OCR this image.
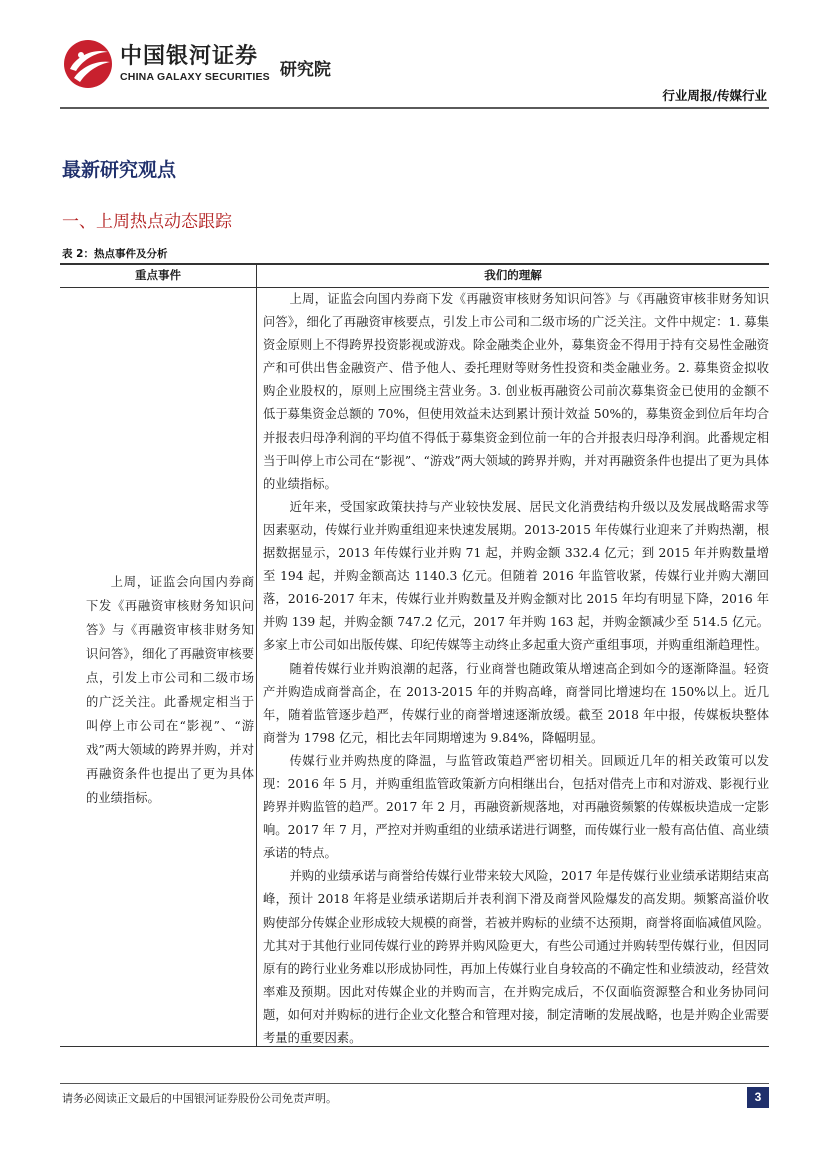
中国银河证券
CHINA GALAXY SECURITIES 研究院
行业周报/传媒行业
最新研究观点
一、上周热点动态跟踪
表 2：热点事件及分析
重点事件	我们的理解
上周，证监会向国内券商下发《再融资审核财务知识问答》与《再融资审核非财务知识问答》，细化了再融资审核要点，引发上市公司和二级市场的广泛关注。此番规定相当于叫停上市公司在“影视”、“游戏”两大领域的跨界并购，并对再融资条件也提出了更为具体的业绩指标。

上周，证监会向国内券商下发《再融资审核财务知识问答》与《再融资审核非财务知识问答》，细化了再融资审核要点，引发上市公司和二级市场的广泛关注。文件中规定：1. 募集资金原则上不得跨界投资影视或游戏。除金融类企业外，募集资金不得用于持有交易性金融资产和可供出售金融资产、借予他人、委托理财等财务性投资和类金融业务。2. 募集资金拟收购企业股权的，原则上应围绕主营业务。3. 创业板再融资公司前次募集资金已使用的金额不低于募集资金总额的 70%，但使用效益未达到累计预计效益 50%的，募集资金到位后年均合并报表归母净利润的平均值不得低于募集资金到位前一年的合并报表归母净利润。此番规定相当于叫停上市公司在“影视”、“游戏”两大领域的跨界并购，并对再融资条件也提出了更为具体的业绩指标。

近年来，受国家政策扶持与产业较快发展、居民文化消费结构升级以及发展战略需求等因素驱动，传媒行业并购重组迎来快速发展期。2013-2015 年传媒行业迎来了并购热潮，根据数据显示，2013 年传媒行业并购 71 起，并购金额 332.4 亿元；到 2015 年并购数量增至 194 起，并购金额高达 1140.3 亿元。但随着 2016 年监管收紧，传媒行业并购大潮回落，2016-2017 年末，传媒行业并购数量及并购金额对比 2015 年均有明显下降，2016 年并购 139 起，并购金额 747.2 亿元，2017 年并购 163 起，并购金额减少至 514.5 亿元。多家上市公司如出版传媒、印纪传媒等主动终止多起重大资产重组事项，并购重组渐趋理性。

随着传媒行业并购浪潮的起落，行业商誉也随政策从增速高企到如今的逐渐降温。轻资产并购造成商誉高企，在 2013-2015 年的并购高峰，商誉同比增速均在 150%以上。近几年，随着监管逐步趋严，传媒行业的商誉增速逐渐放缓。截至 2018 年中报，传媒板块整体商誉为 1798 亿元，相比去年同期增速为 9.84%，降幅明显。

传媒行业并购热度的降温，与监管政策趋严密切相关。回顾近几年的相关政策可以发现：2016 年 5 月，并购重组监管政策新方向相继出台，包括对借壳上市和对游戏、影视行业跨界并购监管的趋严。2017 年 2 月，再融资新规落地，对再融资频繁的传媒板块造成一定影响。2017 年 7 月，严控对并购重组的业绩承诺进行调整，而传媒行业一般有高估值、高业绩承诺的特点。

并购的业绩承诺与商誉给传媒行业带来较大风险，2017 年是传媒行业业绩承诺期结束高峰，预计 2018 年将是业绩承诺期后并表利润下滑及商誉风险爆发的高发期。频繁高溢价收购使部分传媒企业形成较大规模的商誉，若被并购标的业绩不达预期，商誉将面临减值风险。尤其对于其他行业同传媒行业的跨界并购风险更大，有些公司通过并购转型传媒行业，但因同原有的跨行业业务难以形成协同性，再加上传媒行业自身较高的不确定性和业绩波动，经营效率难及预期。因此对传媒企业的并购而言，在并购完成后，不仅面临资源整合和业务协同问题，如何对并购标的进行企业文化整合和管理对接，制定清晰的发展战略，也是并购企业需要考量的重要因素。

请务必阅读正文最后的中国银河证券股份公司免责声明。	3
